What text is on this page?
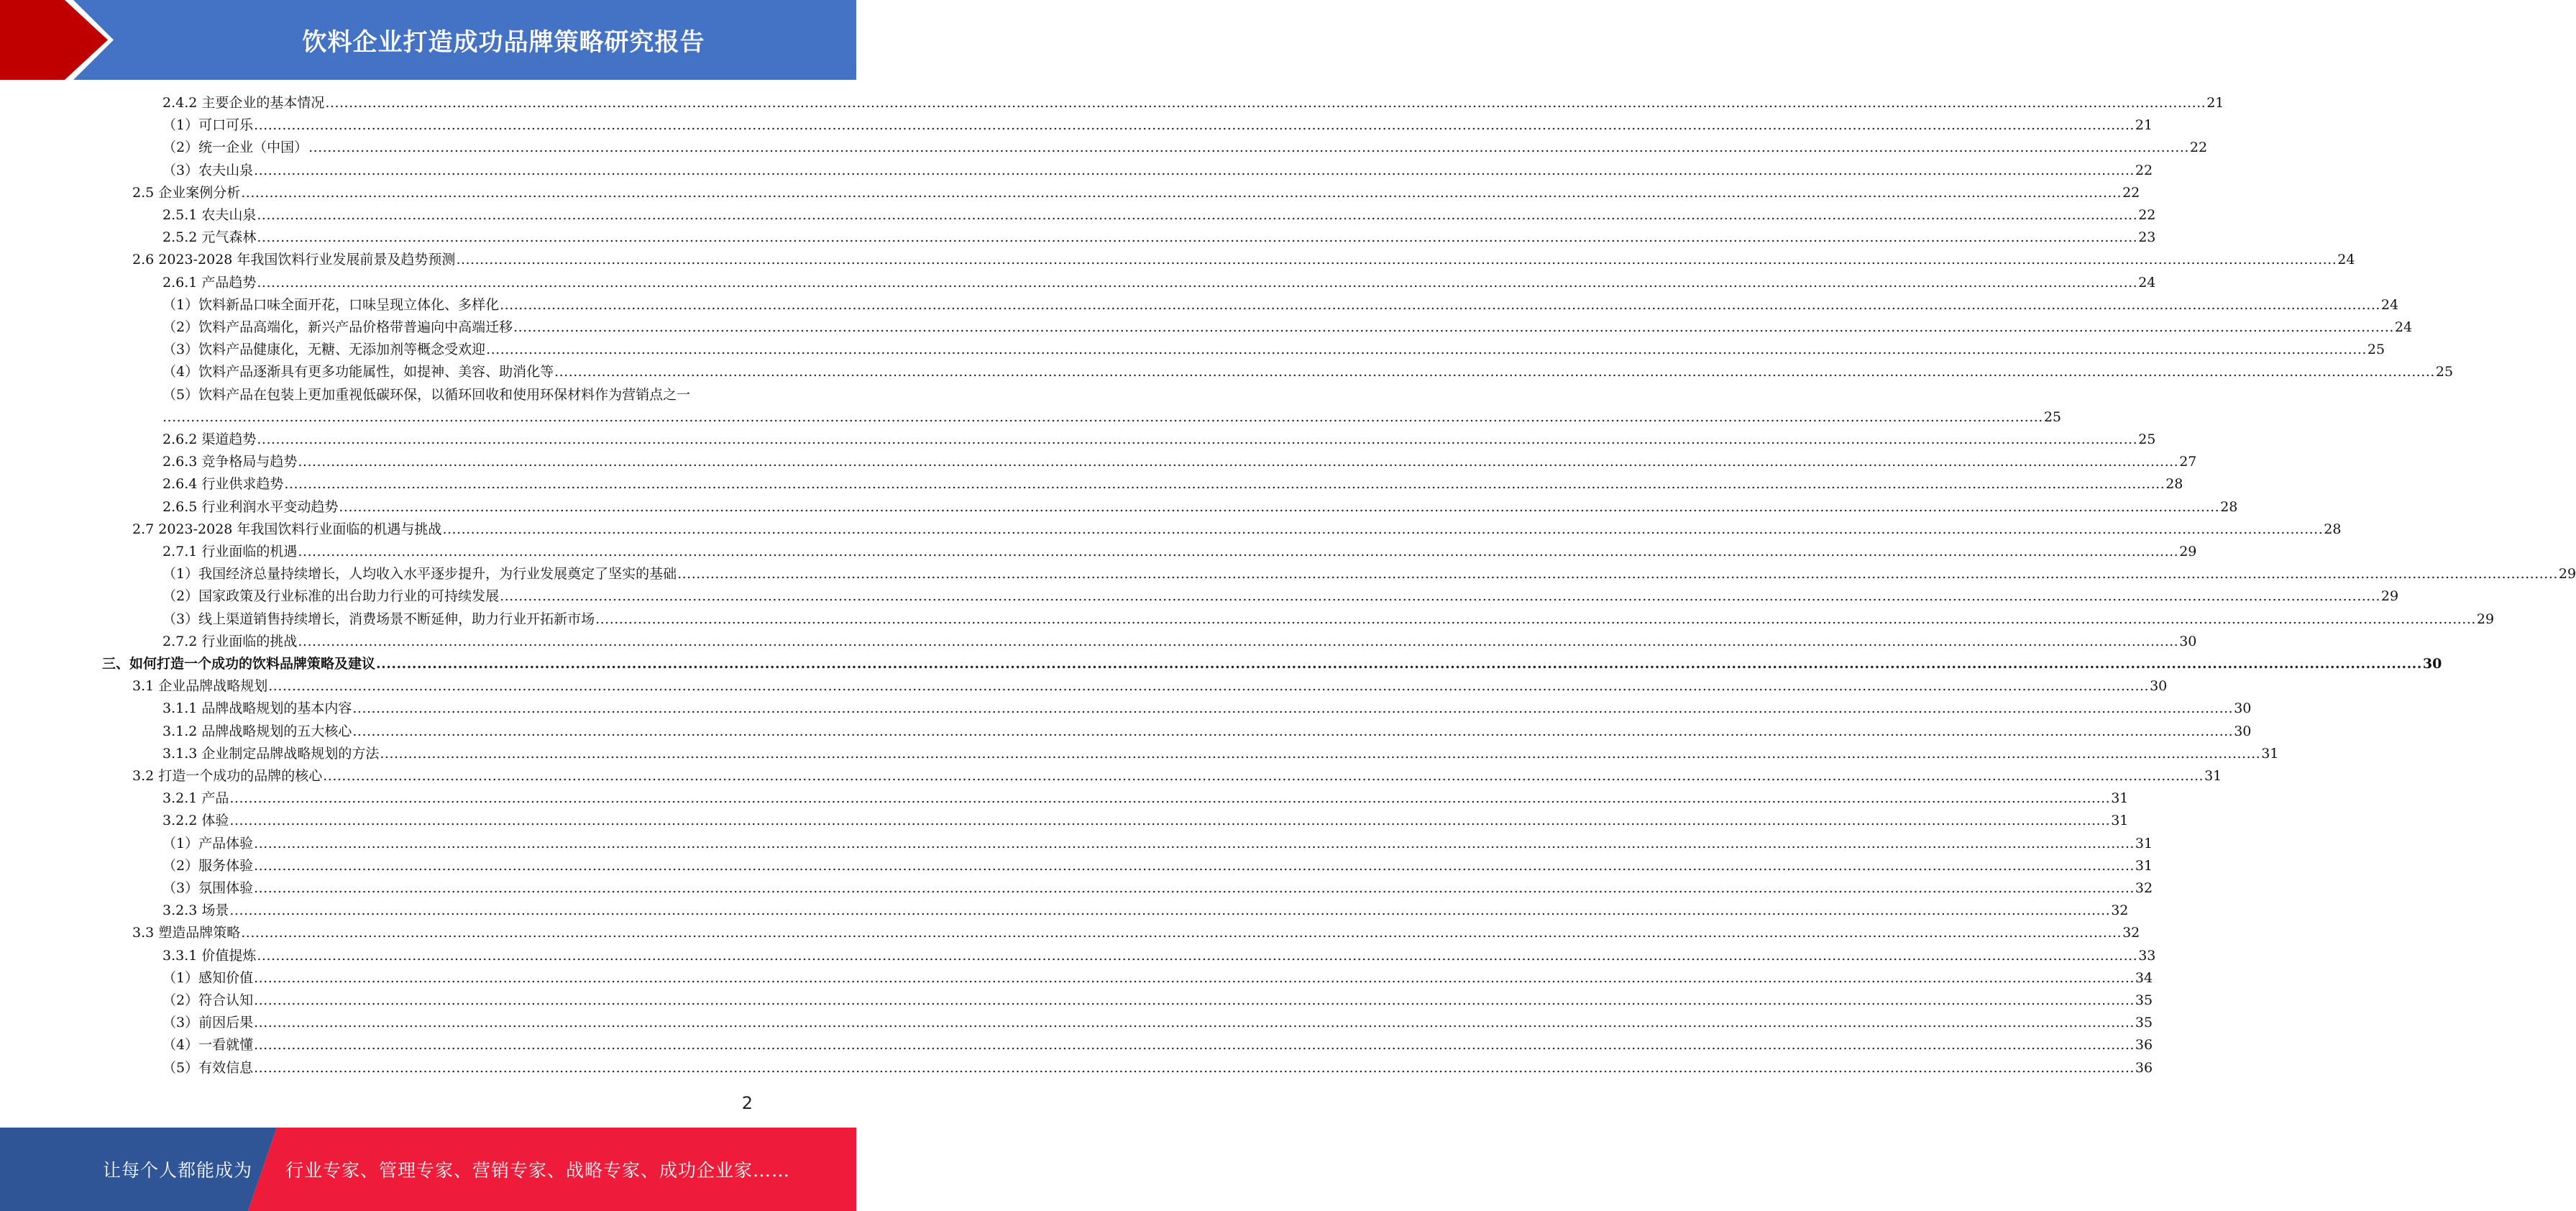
饮料企业打造成功品牌策略研究报告
2.4.2 主要企业的基本情况 ................................................................................................................................................................................................................................................................................................................................................................................................................ 21
（1）可口可乐 ................................................................................................................................................................................................................................................................................................................................................................................................................ 21
（2）统一企业（中国） ................................................................................................................................................................................................................................................................................................................................................................................................................ 22
（3）农夫山泉 ................................................................................................................................................................................................................................................................................................................................................................................................................ 22
2.5 企业案例分析 ................................................................................................................................................................................................................................................................................................................................................................................................................ 22
2.5.1 农夫山泉 ................................................................................................................................................................................................................................................................................................................................................................................................................ 22
2.5.2 元气森林 ................................................................................................................................................................................................................................................................................................................................................................................................................ 23
2.6 2023-2028 年我国饮料行业发展前景及趋势预测 ................................................................................................................................................................................................................................................................................................................................................................................................................ 24
2.6.1 产品趋势 ................................................................................................................................................................................................................................................................................................................................................................................................................ 24
（1）饮料新品口味全面开花，口味呈现立体化、多样化 ................................................................................................................................................................................................................................................................................................................................................................................................................ 24
（2）饮料产品高端化，新兴产品价格带普遍向中高端迁移 ................................................................................................................................................................................................................................................................................................................................................................................................................ 24
（3）饮料产品健康化，无糖、无添加剂等概念受欢迎 ................................................................................................................................................................................................................................................................................................................................................................................................................ 25
（4）饮料产品逐渐具有更多功能属性，如提神、美容、助消化等 ................................................................................................................................................................................................................................................................................................................................................................................................................ 25
（5）饮料产品在包装上更加重视低碳环保，以循环回收和使用环保材料作为营销点之一
................................................................................................................................................................................................................................................................................................................................................................................................................ 25
2.6.2 渠道趋势 ................................................................................................................................................................................................................................................................................................................................................................................................................ 25
2.6.3 竞争格局与趋势 ................................................................................................................................................................................................................................................................................................................................................................................................................ 27
2.6.4 行业供求趋势 ................................................................................................................................................................................................................................................................................................................................................................................................................ 28
2.6.5 行业利润水平变动趋势 ................................................................................................................................................................................................................................................................................................................................................................................................................ 28
2.7 2023-2028 年我国饮料行业面临的机遇与挑战 ................................................................................................................................................................................................................................................................................................................................................................................................................ 28
2.7.1 行业面临的机遇 ................................................................................................................................................................................................................................................................................................................................................................................................................ 29
（1）我国经济总量持续增长，人均收入水平逐步提升，为行业发展奠定了坚实的基础 ................................................................................................................................................................................................................................................................................................................................................................................................................ 29
（2）国家政策及行业标准的出台助力行业的可持续发展 ................................................................................................................................................................................................................................................................................................................................................................................................................ 29
（3）线上渠道销售持续增长，消费场景不断延伸，助力行业开拓新市场 ................................................................................................................................................................................................................................................................................................................................................................................................................ 29
2.7.2 行业面临的挑战 ................................................................................................................................................................................................................................................................................................................................................................................................................ 30
三、如何打造一个成功的饮料品牌策略及建议 ................................................................................................................................................................................................................................................................................................................................................................................................................ 30
3.1 企业品牌战略规划 ................................................................................................................................................................................................................................................................................................................................................................................................................ 30
3.1.1 品牌战略规划的基本内容 ................................................................................................................................................................................................................................................................................................................................................................................................................ 30
3.1.2 品牌战略规划的五大核心 ................................................................................................................................................................................................................................................................................................................................................................................................................ 30
3.1.3 企业制定品牌战略规划的方法 ................................................................................................................................................................................................................................................................................................................................................................................................................ 31
3.2 打造一个成功的品牌的核心 ................................................................................................................................................................................................................................................................................................................................................................................................................ 31
3.2.1 产品 ................................................................................................................................................................................................................................................................................................................................................................................................................ 31
3.2.2 体验 ................................................................................................................................................................................................................................................................................................................................................................................................................ 31
（1）产品体验 ................................................................................................................................................................................................................................................................................................................................................................................................................ 31
（2）服务体验 ................................................................................................................................................................................................................................................................................................................................................................................................................ 31
（3）氛围体验 ................................................................................................................................................................................................................................................................................................................................................................................................................ 32
3.2.3 场景 ................................................................................................................................................................................................................................................................................................................................................................................................................ 32
3.3 塑造品牌策略 ................................................................................................................................................................................................................................................................................................................................................................................................................ 32
3.3.1 价值提炼 ................................................................................................................................................................................................................................................................................................................................................................................................................ 33
（1）感知价值 ................................................................................................................................................................................................................................................................................................................................................................................................................ 34
（2）符合认知 ................................................................................................................................................................................................................................................................................................................................................................................................................ 35
（3）前因后果 ................................................................................................................................................................................................................................................................................................................................................................................................................ 35
（4）一看就懂 ................................................................................................................................................................................................................................................................................................................................................................................................................ 36
（5）有效信息 ................................................................................................................................................................................................................................................................................................................................................................................................................ 36
2
让每个人都能成为 行业专家、管理专家、营销专家、战略专家、成功企业家……
